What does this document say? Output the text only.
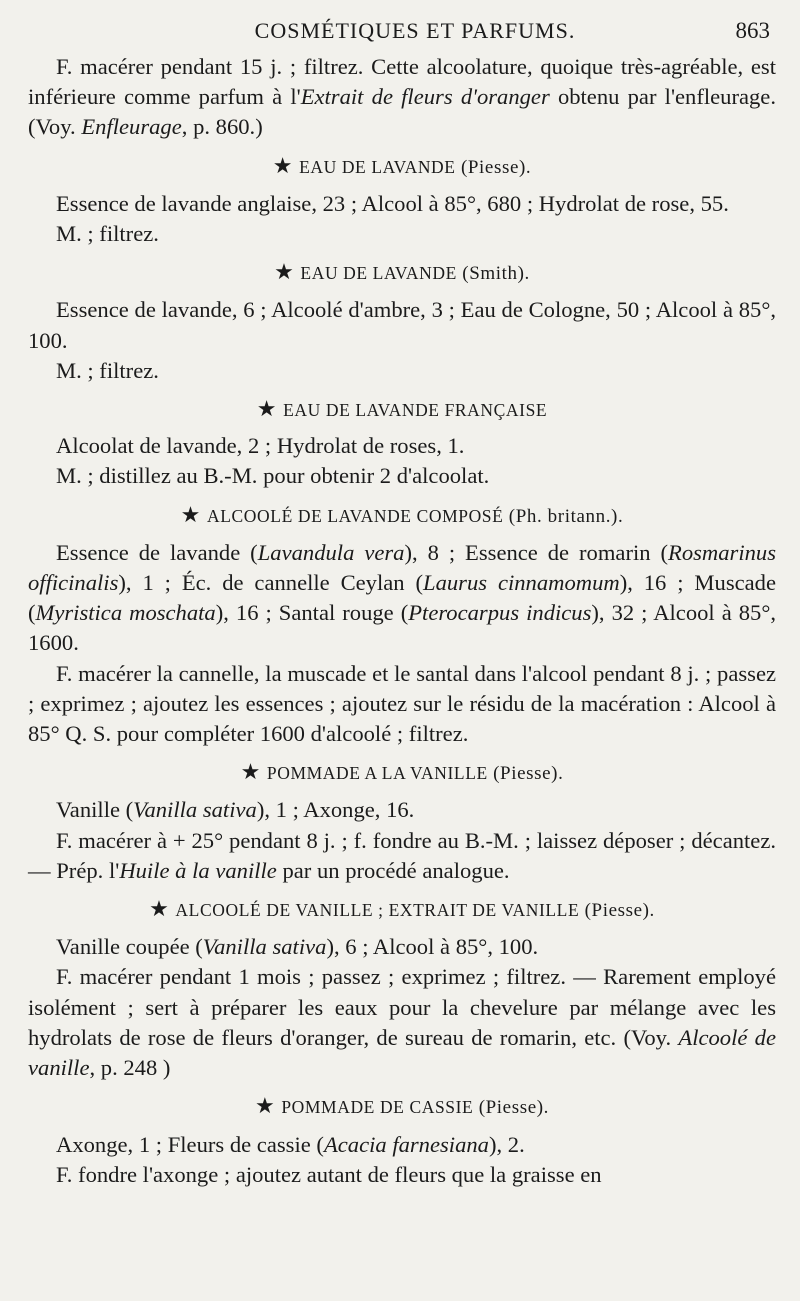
COSMÉTIQUES ET PARFUMS.	863

F. macérer pendant 15 j. ; filtrez. Cette alcoolature, quoique très-agréable, est inférieure comme parfum à l'Extrait de fleurs d'oranger obtenu par l'enfleurage. (Voy. Enfleurage, p. 860.)

★ EAU DE LAVANDE (Piesse).

Essence de lavande anglaise, 23 ; Alcool à 85°, 680 ; Hydrolat de rose, 55.

M. ; filtrez.

★ EAU DE LAVANDE (Smith).

Essence de lavande, 6 ; Alcoolé d'ambre, 3 ; Eau de Cologne, 50 ; Alcool à 85°, 100.

M. ; filtrez.

★ EAU DE LAVANDE FRANÇAISE

Alcoolat de lavande, 2 ; Hydrolat de roses, 1.

M. ; distillez au B.-M. pour obtenir 2 d'alcoolat.

★ ALCOOLÉ DE LAVANDE COMPOSÉ (Ph. britann.).

Essence de lavande (Lavandula vera), 8 ; Essence de romarin (Rosmarinus officinalis), 1 ; Éc. de cannelle Ceylan (Laurus cinnamomum), 16 ; Muscade (Myristica moschata), 16 ; Santal rouge (Pterocarpus indicus), 32 ; Alcool à 85°, 1600.

F. macérer la cannelle, la muscade et le santal dans l'alcool pendant 8 j. ; passez ; exprimez ; ajoutez les essences ; ajoutez sur le résidu de la macération : Alcool à 85° Q. S. pour compléter 1600 d'alcoolé ; filtrez.

★ POMMADE A LA VANILLE (Piesse).

Vanille (Vanilla sativa), 1 ; Axonge, 16.

F. macérer à + 25° pendant 8 j. ; f. fondre au B.-M. ; laissez déposer ; décantez. — Prép. l'Huile à la vanille par un procédé analogue.

★ ALCOOLÉ DE VANILLE ; EXTRAIT DE VANILLE (Piesse).

Vanille coupée (Vanilla sativa), 6 ; Alcool à 85°, 100.

F. macérer pendant 1 mois ; passez ; exprimez ; filtrez. — Rarement employé isolément ; sert à préparer les eaux pour la chevelure par mélange avec les hydrolats de rose de fleurs d'oranger, de sureau de romarin, etc. (Voy. Alcoolé de vanille, p. 248 )

★ POMMADE DE CASSIE (Piesse).

Axonge, 1 ; Fleurs de cassie (Acacia farnesiana), 2.

F. fondre l'axonge ; ajoutez autant de fleurs que la graisse en
